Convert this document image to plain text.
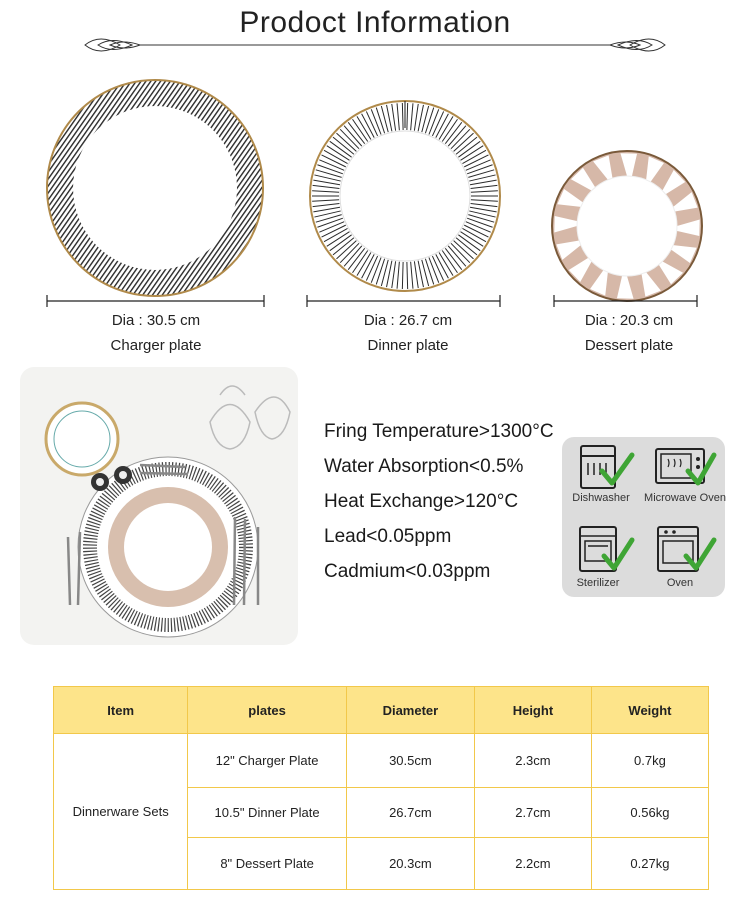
Prodoct Information
Dia : 30.5 cm
Charger plate
Dia : 26.7 cm
Dinner plate
Dia : 20.3 cm
Dessert plate
Fring Temperature>1300°C
Water Absorption<0.5%
Heat Exchange>120°C
Lead<0.05ppm
Cadmium<0.03ppm
Dishwasher	Microwave Oven
Sterilizer	Oven
Item	plates	Diameter	Height	Weight
Dinnerware Sets	12" Charger Plate	30.5cm	2.3cm	0.7kg
	10.5" Dinner Plate	26.7cm	2.7cm	0.56kg
	8" Dessert Plate	20.3cm	2.2cm	0.27kg
